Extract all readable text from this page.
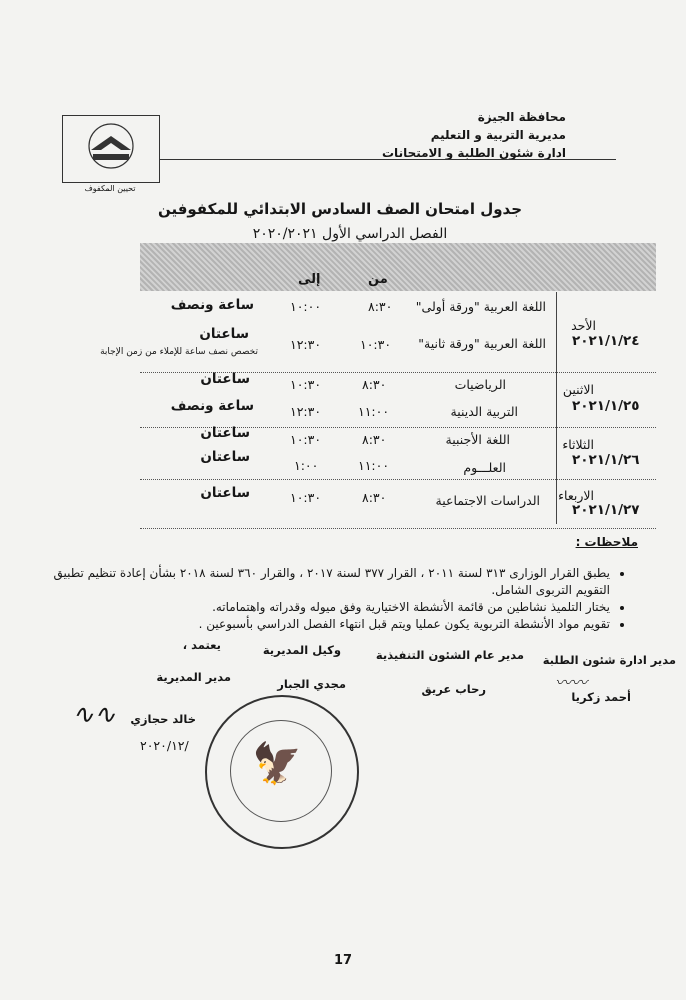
محافظة الجيزة
مديرية التربية و التعليم
ادارة شئون الطلبة و الامتحانات
تحيين المكفوف
جدول امتحان الصف السادس الابتدائي للمكفوفين
الفصل الدراسي الأول ٢٠٢٠/٢٠٢١
من
إلى
الأحد
٢٠٢١/١/٢٤
الاثنين
٢٠٢١/١/٢٥
الثلاثاء
٢٠٢١/١/٢٦
الاربعاء
٢٠٢١/١/٢٧
اللغة العربية "ورقة أولى"
٨:٣٠
١٠:٠٠
ساعة ونصف
اللغة العربية "ورقة ثانية"
١٠:٣٠
١٢:٣٠
ساعتان
تخصص نصف ساعة للإملاء من زمن الإجابة
الرياضيات
٨:٣٠
١٠:٣٠
ساعتان
التربية الدينية
١١:٠٠
١٢:٣٠
ساعة ونصف
اللغة الأجنبية
٨:٣٠
١٠:٣٠
ساعتان
العلـــوم
١١:٠٠
١:٠٠
ساعتان
الدراسات الاجتماعية
٨:٣٠
١٠:٣٠
ساعتان
ملاحظات :
• يطبق القرار الوزارى ٣١٣ لسنة ٢٠١١ ، القرار ٣٧٧ لسنة ٢٠١٧ ، والقرار ٣٦٠ لسنة ٢٠١٨ بشأن إعادة تنظيم تطبيق التقويم التربوى الشامل.
• يختار التلميذ نشاطين من قائمة الأنشطة الاختيارية وفق ميوله وقدراته واهتماماته.
• تقويم مواد الأنشطة التربوية يكون عمليا ويتم قبل انتهاء الفصل الدراسي بأسبوعين .
مدير ادارة شئون الطلبة
أحمد زكريا
〰〰
مدير عام الشئون التنفيذية
رحاب عريق
وكيل المديرية
مجدي الجبار
يعتمد ،
مدير المديرية
خالد حجازي
٢٠٢٠/١٢/
∿∿
🦅
17
